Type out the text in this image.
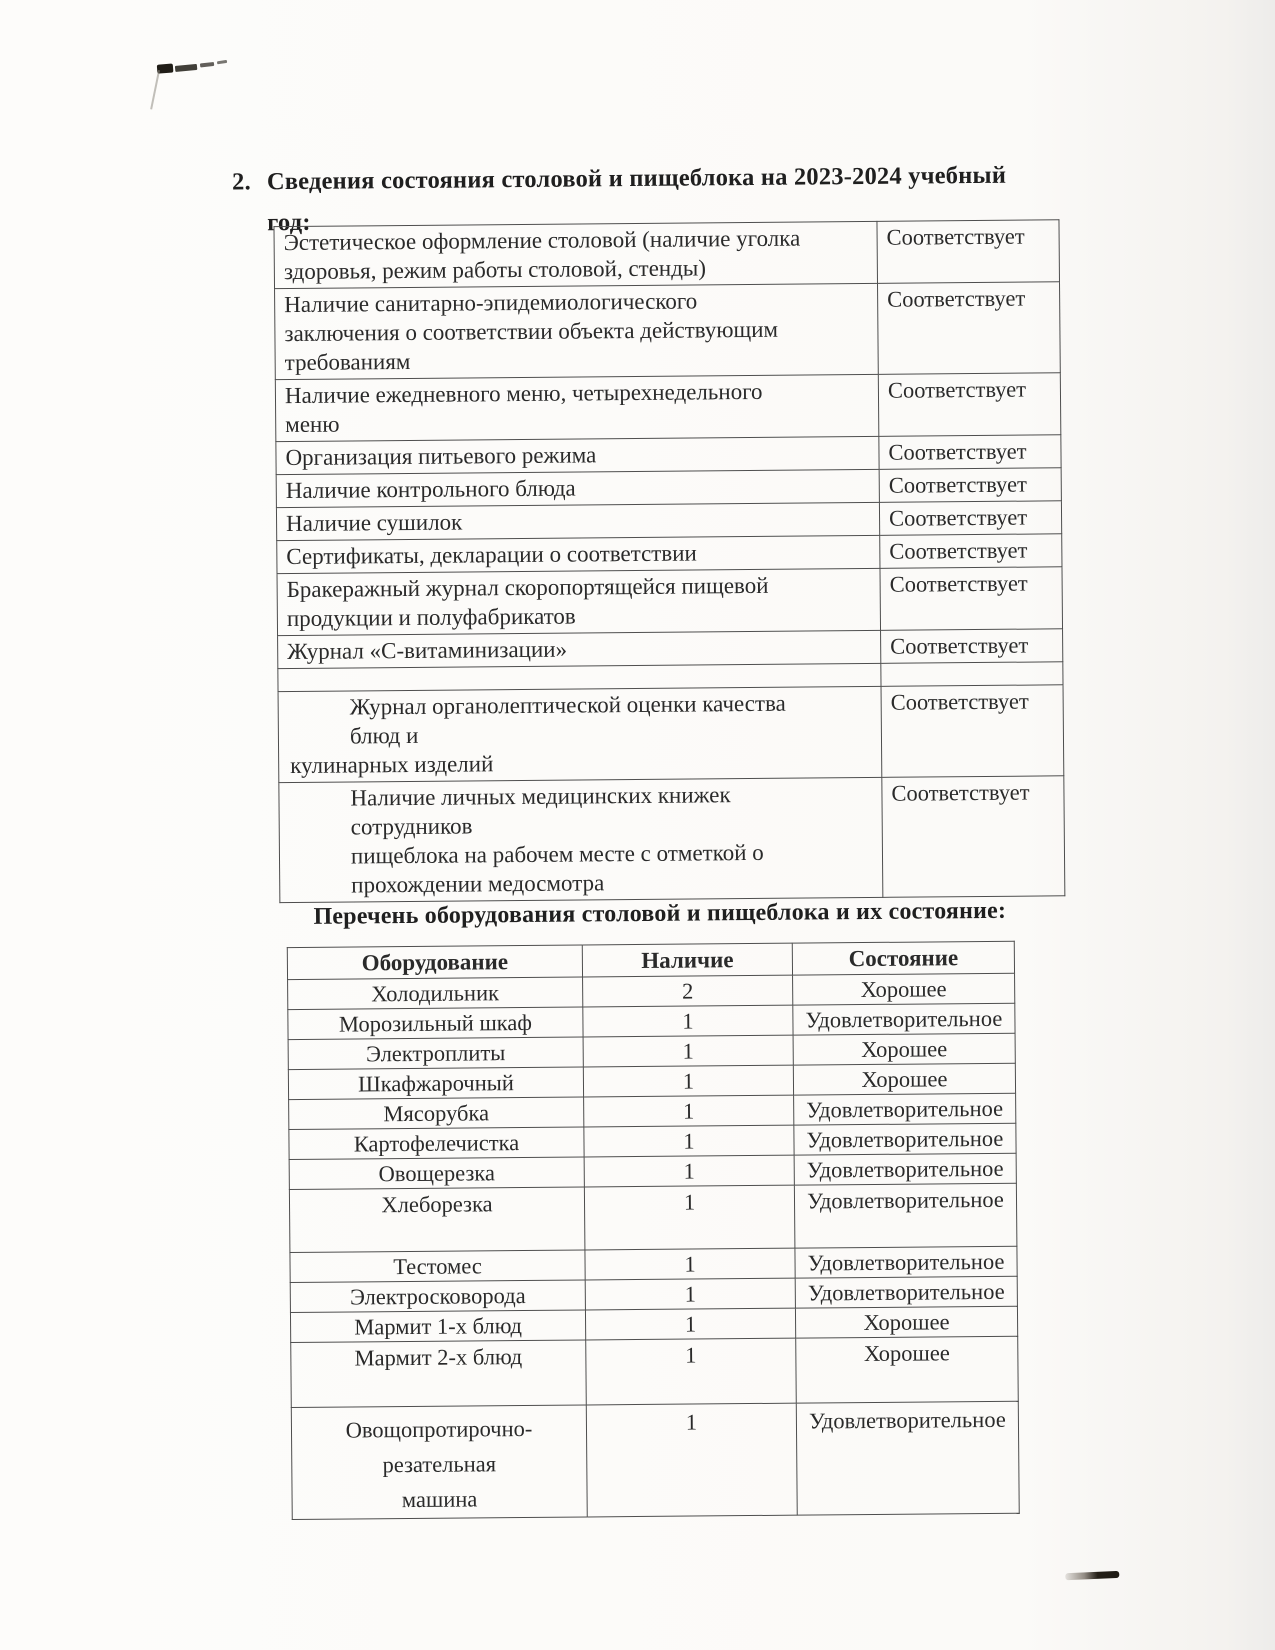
2. Сведения состояния столовой и пищеблока на 2023-2024 учебный
год:
Эстетическое оформление столовой (наличие уголка
здоровья, режим работы столовой, стенды)	Соответствует

Наличие санитарно-эпидемиологического
заключения о соответствии объекта действующим
требованиям	Соответствует

Наличие ежедневного меню, четырехнедельного
меню	Соответствует

Организация питьевого режима	Соответствует

Наличие контрольного блюда	Соответствует

Наличие сушилок	Соответствует

Сертификаты, декларации о соответствии	Соответствует

Бракеражный журнал скоропортящейся пищевой
продукции и полуфабрикатов	Соответствует

Журнал «С-витаминизации»	Соответствует

Журнал органолептической оценки качества
блюд и
кулинарных изделий	Соответствует

Наличие личных медицинских книжек
сотрудников
пищеблока на рабочем месте с отметкой о
прохождении медосмотра	Соответствует
Перечень оборудования столовой и пищеблока и их состояние:
Оборудование	Наличие	Состояние
Холодильник	2	Хорошее
Морозильный шкаф	1	Удовлетворительное
Электроплиты	1	Хорошее
Шкафжарочный	1	Хорошее
Мясорубка	1	Удовлетворительное
Картофелечистка	1	Удовлетворительное
Овощерезка	1	Удовлетворительное
Хлеборезка	1	Удовлетворительное
Тестомес	1	Удовлетворительное
Электросковорода	1	Удовлетворительное
Мармит 1-х блюд	1	Хорошее
Мармит 2-х блюд	1	Хорошее

Овощопротирочно-
резательная
машина	1	Удовлетворительное
